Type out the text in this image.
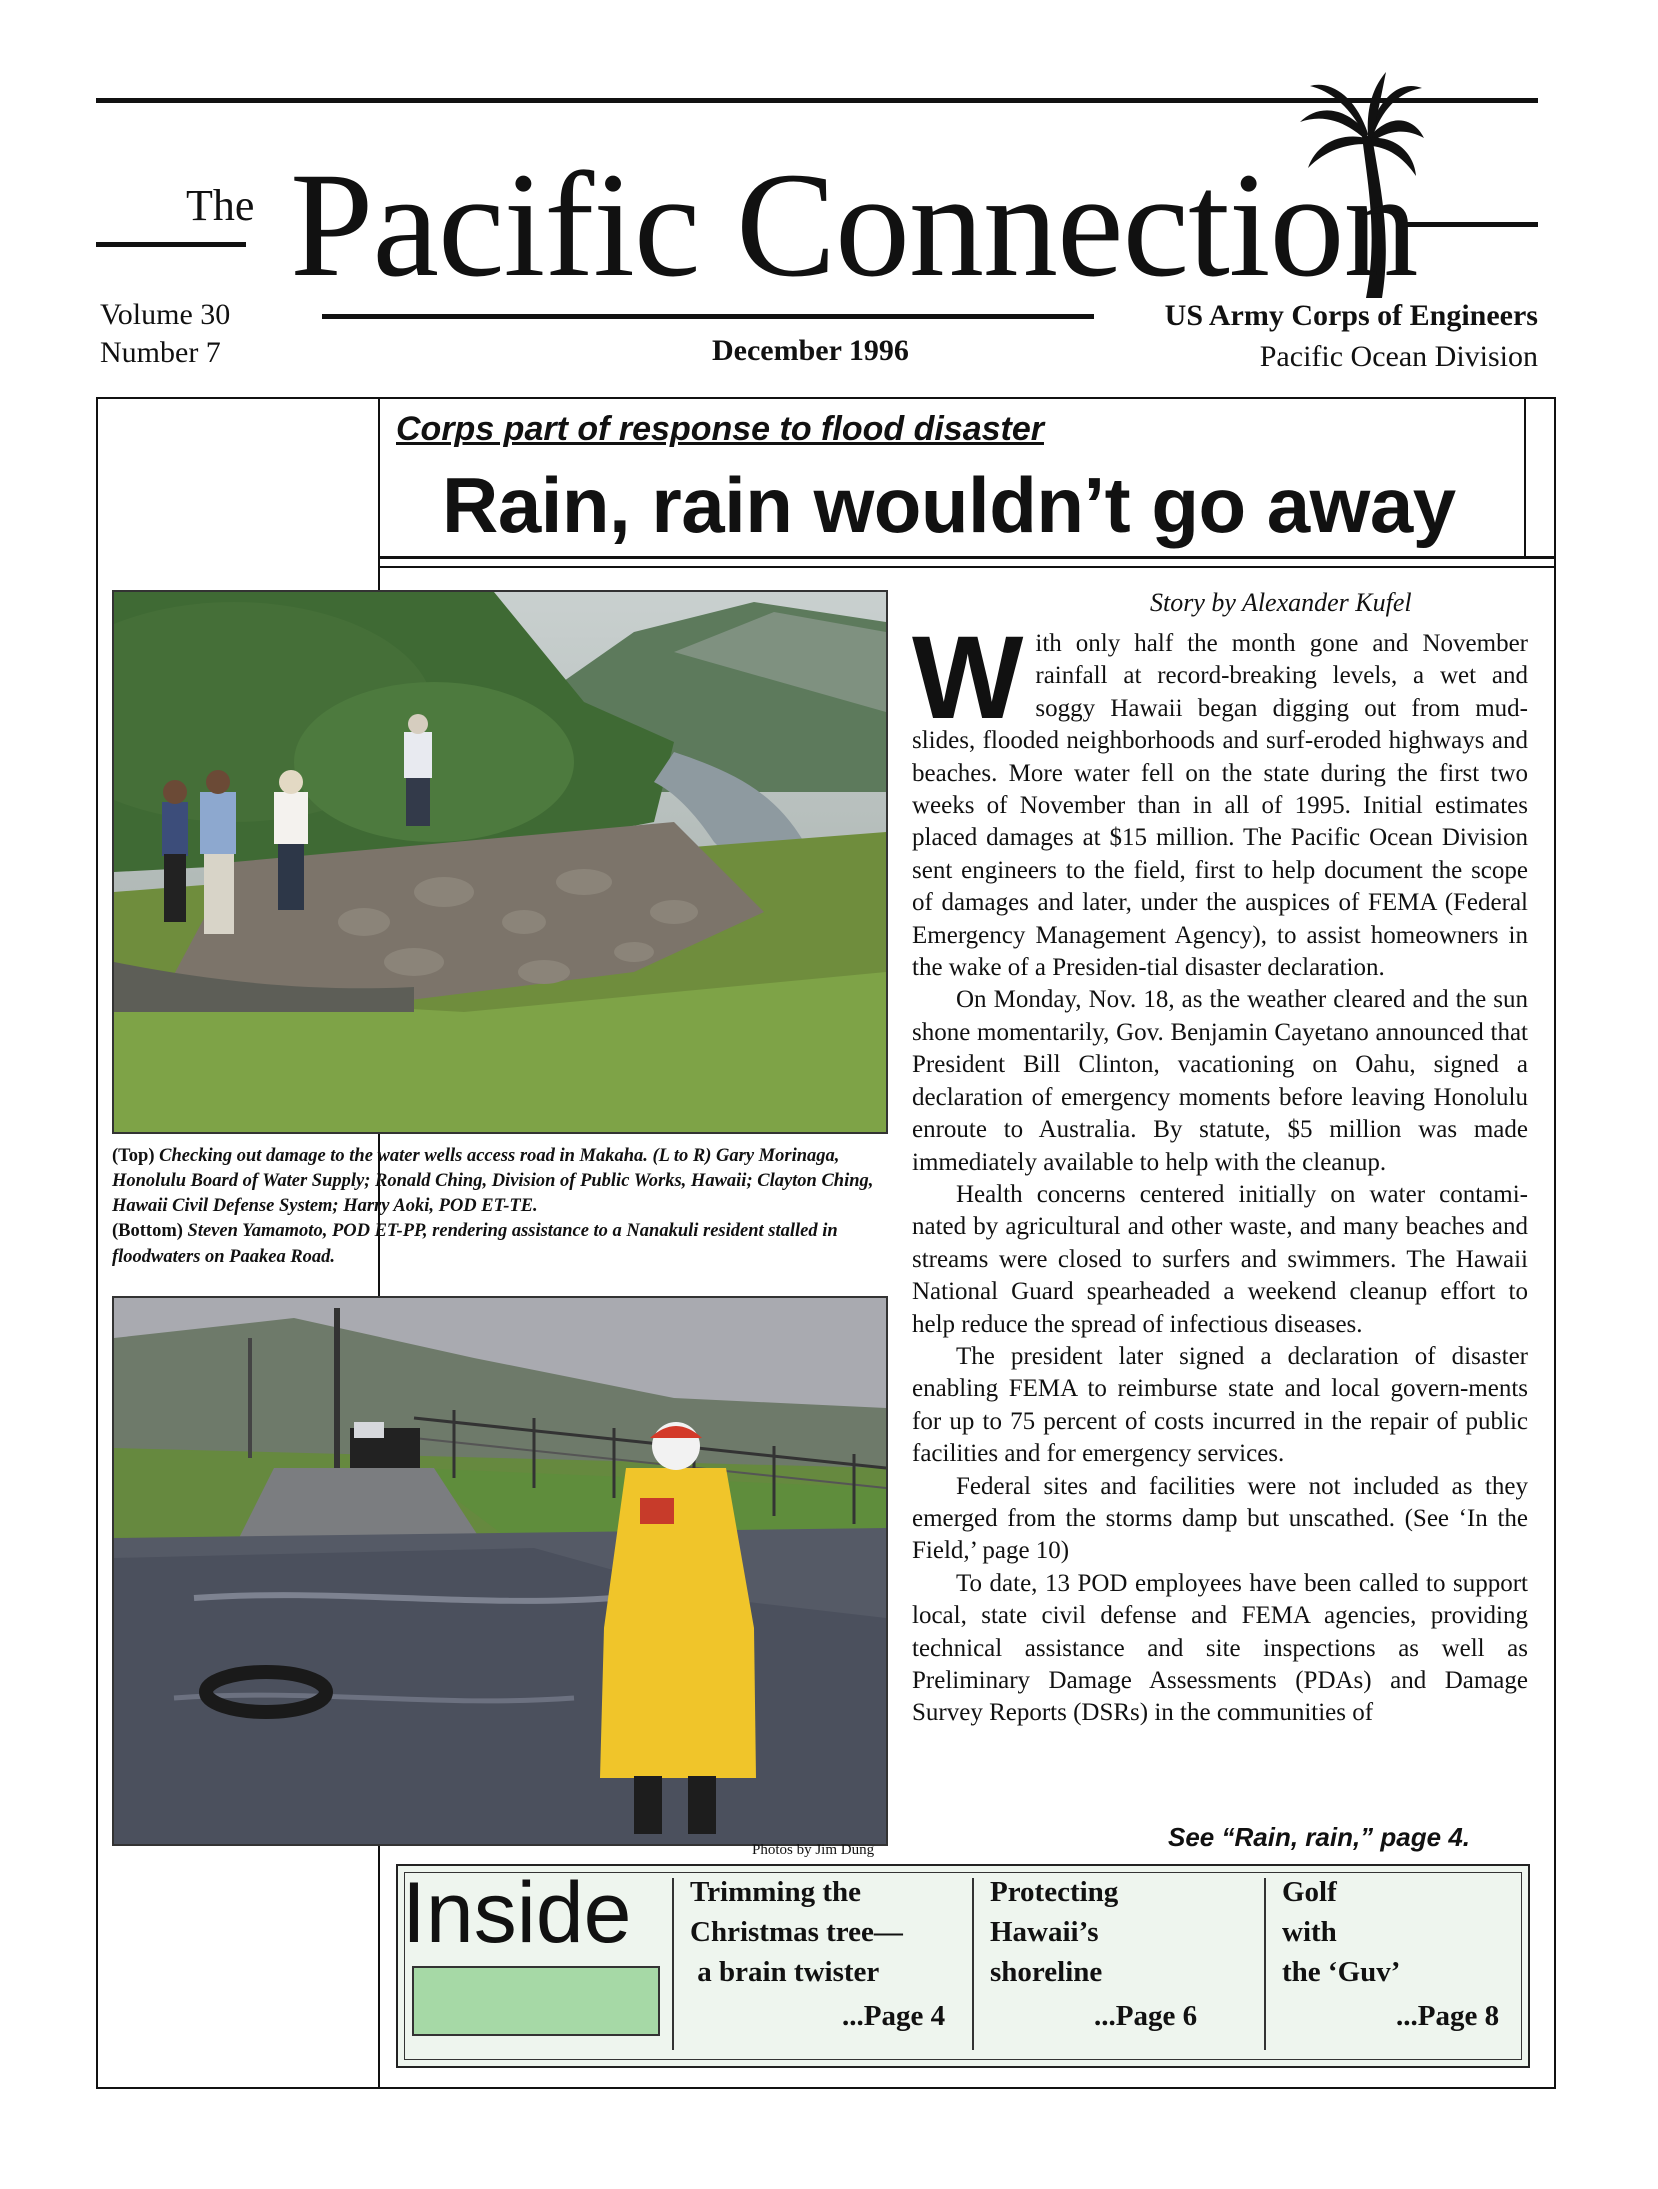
The Pacific Connection
Volume 30
Number 7	December 1996
US Army Corps of Engineers
Pacific Ocean Division
Corps part of response to flood disaster
Rain, rain wouldn’t go away
(Top) Checking out damage to the water wells access road in Makaha. (L to R) Gary Morinaga, Honolulu Board of Water Supply; Ronald Ching, Division of Public Works, Hawaii; Clayton Ching, Hawaii Civil Defense System; Harry Aoki, POD ET-TE.
(Bottom) Steven Yamamoto, POD ET-PP, rendering assistance to a Nanakuli resident stalled in floodwaters on Paakea Road.
Photos by Jim Dung
Story by Alexander Kufel

With only half the month gone and November rainfall at record-breaking levels, a wet and soggy Hawaii began digging out from mud-slides, flooded neighborhoods and surf-eroded highways and beaches. More water fell on the state during the first two weeks of November than in all of 1995. Initial estimates placed damages at $15 million. The Pacific Ocean Division sent engineers to the field, first to help document the scope of damages and later, under the auspices of FEMA (Federal Emergency Management Agency), to assist homeowners in the wake of a Presiden-tial disaster declaration.

On Monday, Nov. 18, as the weather cleared and the sun shone momentarily, Gov. Benjamin Cayetano announced that President Bill Clinton, vacationing on Oahu, signed a declaration of emergency moments before leaving Honolulu enroute to Australia. By statute, $5 million was made immediately available to help with the cleanup.

Health concerns centered initially on water contami-nated by agricultural and other waste, and many beaches and streams were closed to surfers and swimmers. The Hawaii National Guard spearheaded a weekend cleanup effort to help reduce the spread of infectious diseases.

The president later signed a declaration of disaster enabling FEMA to reimburse state and local govern-ments for up to 75 percent of costs incurred in the repair of public facilities and for emergency services.

Federal sites and facilities were not included as they emerged from the storms damp but unscathed. (See ‘In the Field,’ page 10)

To date, 13 POD employees have been called to support local, state civil defense and FEMA agencies, providing technical assistance and site inspections as well as Preliminary Damage Assessments (PDAs) and Damage Survey Reports (DSRs) in the communities of

See “Rain, rain,” page 4.
Inside Trimming the
Christmas tree—
a brain twister
...Page 4
Protecting
Hawaii’s
shoreline
...Page 6
Golf
with
the ‘Guv’
...Page 8
